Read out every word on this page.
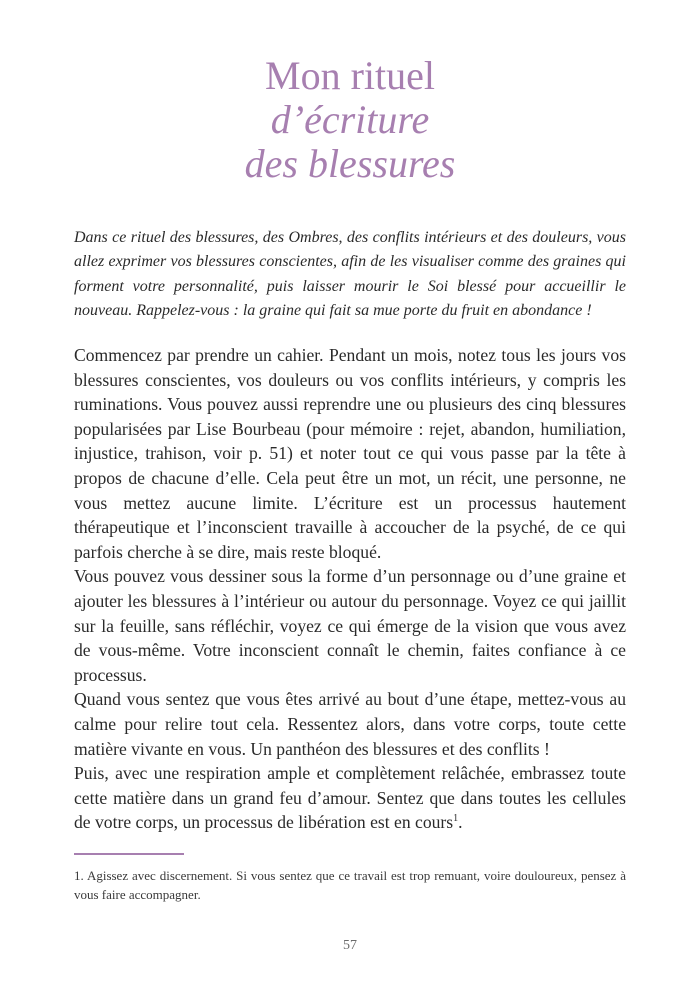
Mon rituel
d’écriture
des blessures
Dans ce rituel des blessures, des Ombres, des conflits intérieurs et des douleurs, vous allez exprimer vos blessures conscientes, afin de les visualiser comme des graines qui forment votre personnalité, puis laisser mourir le Soi blessé pour accueillir le nouveau. Rappelez-vous : la graine qui fait sa mue porte du fruit en abondance !

Commencez par prendre un cahier. Pendant un mois, notez tous les jours vos blessures conscientes, vos douleurs ou vos conflits intérieurs, y compris les ruminations. Vous pouvez aussi reprendre une ou plusieurs des cinq blessures popularisées par Lise Bourbeau (pour mémoire : rejet, abandon, humiliation, injustice, trahison, voir p. 51) et noter tout ce qui vous passe par la tête à propos de chacune d’elle. Cela peut être un mot, un récit, une personne, ne vous mettez aucune limite. L’écriture est un processus hautement thérapeutique et l’inconscient travaille à accoucher de la psyché, de ce qui parfois cherche à se dire, mais reste bloqué.

Vous pouvez vous dessiner sous la forme d’un personnage ou d’une graine et ajouter les blessures à l’intérieur ou autour du personnage. Voyez ce qui jaillit sur la feuille, sans réfléchir, voyez ce qui émerge de la vision que vous avez de vous-même. Votre inconscient connaît le chemin, faites confiance à ce processus.

Quand vous sentez que vous êtes arrivé au bout d’une étape, mettez-vous au calme pour relire tout cela. Ressentez alors, dans votre corps, toute cette matière vivante en vous. Un panthéon des blessures et des conflits !

Puis, avec une respiration ample et complètement relâchée, embrassez toute cette matière dans un grand feu d’amour. Sentez que dans toutes les cellules de votre corps, un processus de libération est en cours$^1$.

1. Agissez avec discernement. Si vous sentez que ce travail est trop remuant, voire douloureux, pensez à vous faire accompagner.
57
